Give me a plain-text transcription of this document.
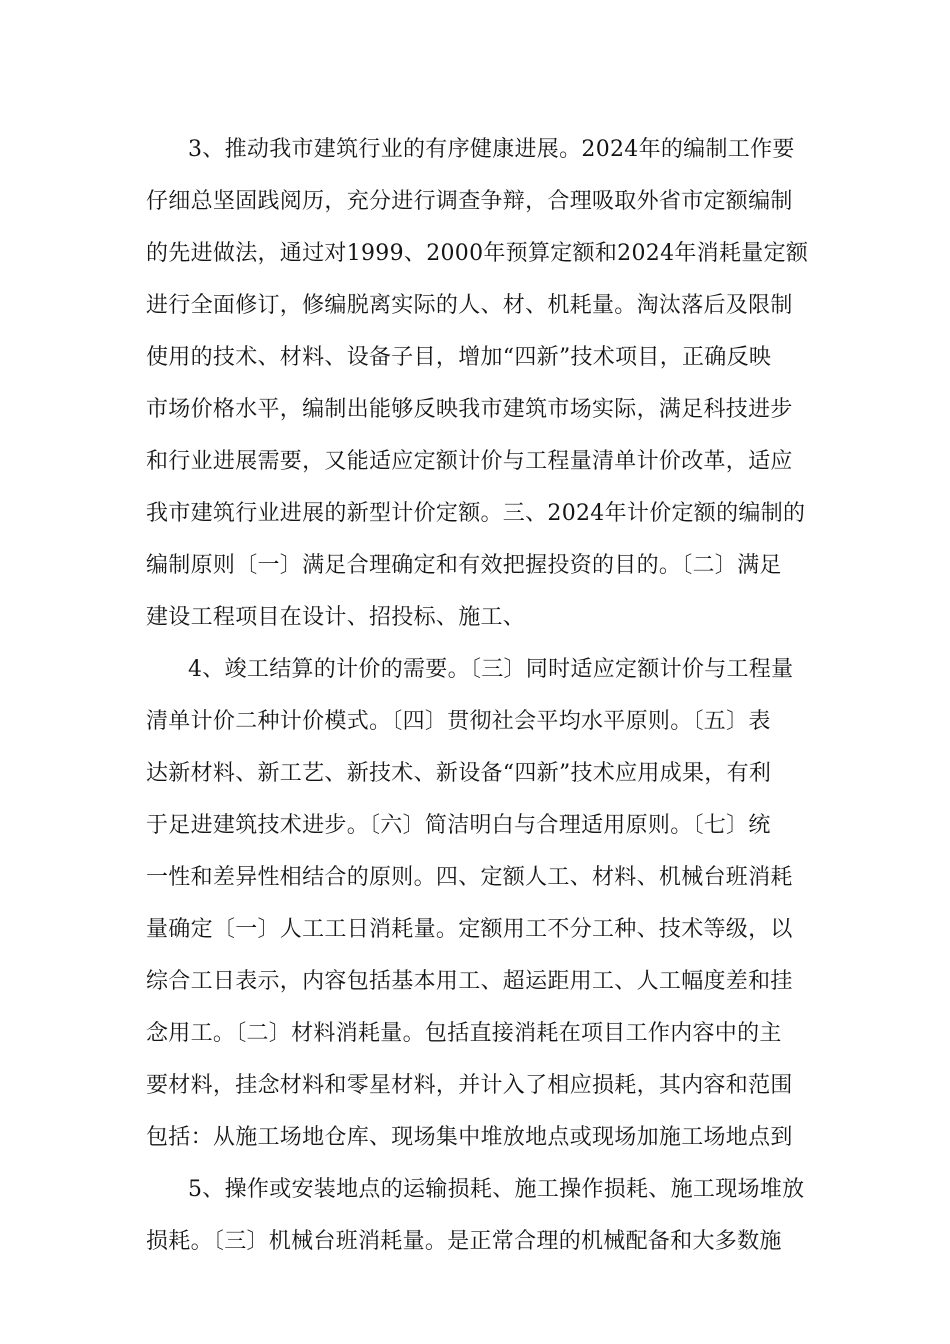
3、推动我市建筑行业的有序健康进展。2024年的编制工作要
仔细总坚固践阅历，充分进行调查争辩，合理吸取外省市定额编制
的先进做法，通过对1999、2000年预算定额和2024年消耗量定额
进行全面修订，修编脱离实际的人、材、机耗量。淘汰落后及限制
使用的技术、材料、设备子目，增加“四新”技术项目，正确反映
市场价格水平，编制出能够反映我市建筑市场实际，满足科技进步
和行业进展需要，又能适应定额计价与工程量清单计价改革，适应
我市建筑行业进展的新型计价定额。三、2024年计价定额的编制的
编制原则〔一〕满足合理确定和有效把握投资的目的。〔二〕满足
建设工程项目在设计、招投标、施工、
4、竣工结算的计价的需要。〔三〕同时适应定额计价与工程量
清单计价二种计价模式。〔四〕贯彻社会平均水平原则。〔五〕表
达新材料、新工艺、新技术、新设备“四新”技术应用成果，有利
于足进建筑技术进步。〔六〕简洁明白与合理适用原则。〔七〕统
一性和差异性相结合的原则。四、定额人工、材料、机械台班消耗
量确定〔一〕人工工日消耗量。定额用工不分工种、技术等级，以
综合工日表示，内容包括基本用工、超运距用工、人工幅度差和挂
念用工。〔二〕材料消耗量。包括直接消耗在项目工作内容中的主
要材料，挂念材料和零星材料，并计入了相应损耗，其内容和范围
包括：从施工场地仓库、现场集中堆放地点或现场加施工场地点到
5、操作或安装地点的运输损耗、施工操作损耗、施工现场堆放
损耗。〔三〕机械台班消耗量。是正常合理的机械配备和大多数施
